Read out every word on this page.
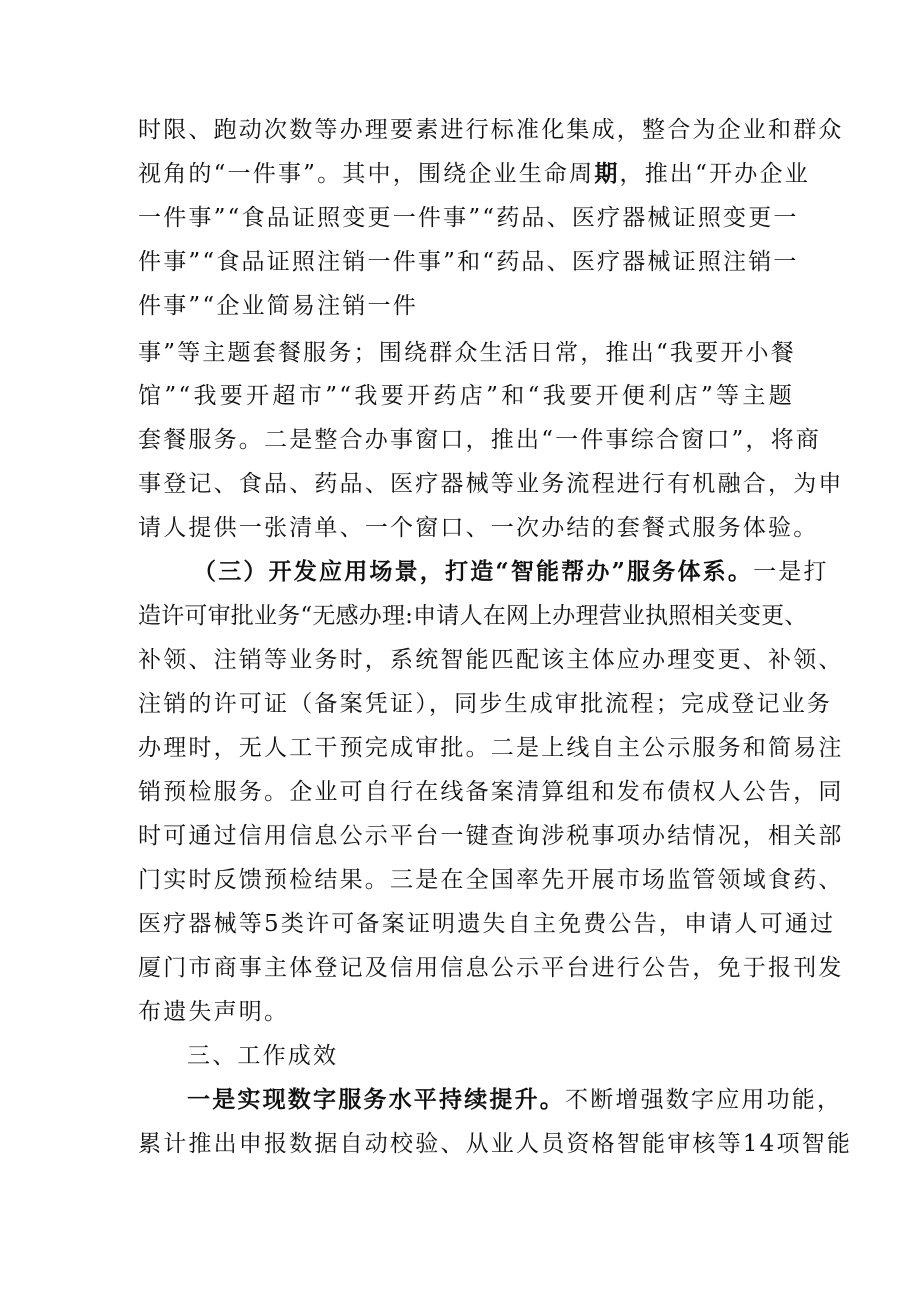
时限、跑动次数等办理要素进行标准化集成，整合为企业和群众
视角的“一件事”。其中，围绕企业生命周期，推出“开办企业
一件事”“食品证照变更一件事”“药品、医疗器械证照变更一
件事”“食品证照注销一件事”和“药品、医疗器械证照注销一
件事”“企业简易注销一件
事”等主题套餐服务；围绕群众生活日常，推出“我要开小餐
馆”“我要开超市”“我要开药店”和“我要开便利店”等主题
套餐服务。二是整合办事窗口，推出“一件事综合窗口”，将商
事登记、食品、药品、医疗器械等业务流程进行有机融合，为申
请人提供一张清单、一个窗口、一次办结的套餐式服务体验。
（三）开发应用场景，打造“智能帮办”服务体系。一是打
造许可审批业务“无感办理:申请人在网上办理营业执照相关变更、
补领、注销等业务时，系统智能匹配该主体应办理变更、补领、
注销的许可证（备案凭证），同步生成审批流程；完成登记业务
办理时，无人工干预完成审批。二是上线自主公示服务和简易注
销预检服务。企业可自行在线备案清算组和发布债权人公告，同
时可通过信用信息公示平台一键查询涉税事项办结情况，相关部
门实时反馈预检结果。三是在全国率先开展市场监管领域食药、
医疗器械等5类许可备案证明遗失自主免费公告，申请人可通过
厦门市商事主体登记及信用信息公示平台进行公告，免于报刊发
布遗失声明。
三、工作成效
一是实现数字服务水平持续提升。不断增强数字应用功能，
累计推出申报数据自动校验、从业人员资格智能审核等14项智能
